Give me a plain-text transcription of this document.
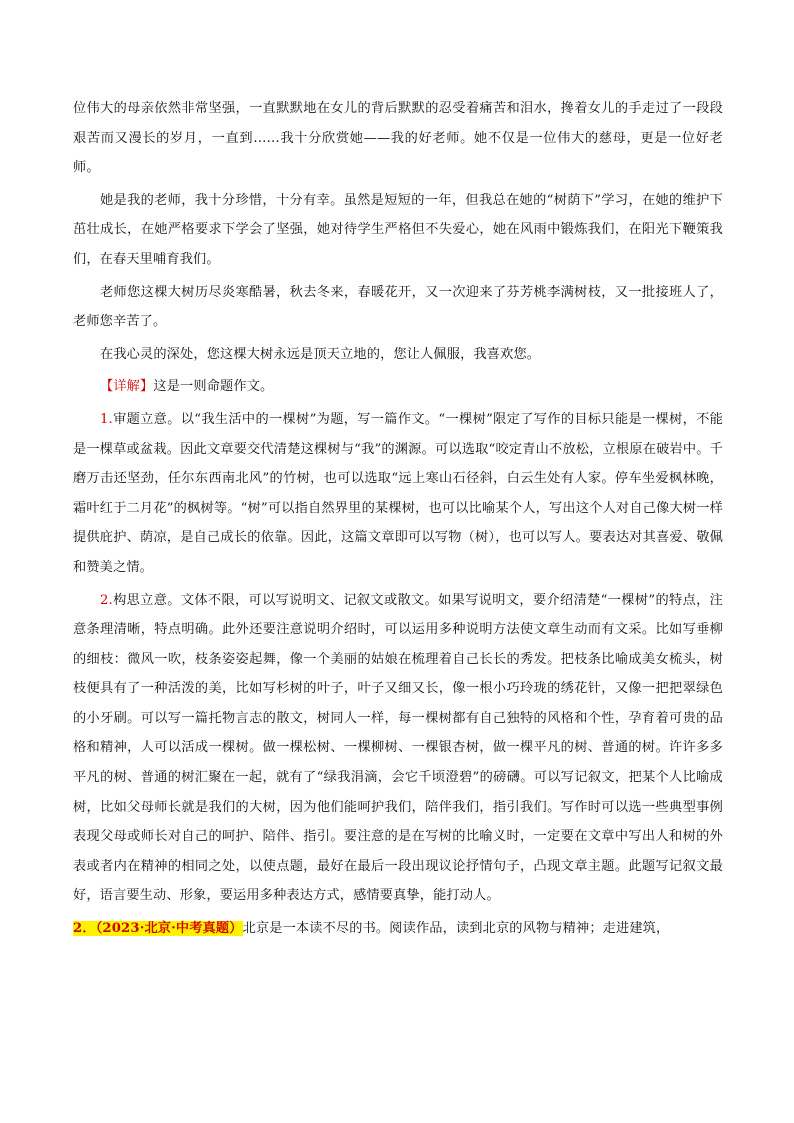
位伟大的母亲依然非常坚强，一直默默地在女儿的背后默默的忍受着痛苦和泪水，搀着女儿的手走过了一段段艰苦而又漫长的岁月，一直到……我十分欣赏她——我的好老师。她不仅是一位伟大的慈母，更是一位好老师。

她是我的老师，我十分珍惜，十分有幸。虽然是短短的一年，但我总在她的“树荫下”学习，在她的维护下茁壮成长，在她严格要求下学会了坚强，她对待学生严格但不失爱心，她在风雨中锻炼我们，在阳光下鞭策我们，在春天里哺育我们。

老师您这棵大树历尽炎寒酷暑，秋去冬来，春暖花开，又一次迎来了芬芳桃李满树枝，又一批接班人了，老师您辛苦了。

在我心灵的深处，您这棵大树永远是顶天立地的，您让人佩服，我喜欢您。

【详解】这是一则命题作文。

1.审题立意。以“我生活中的一棵树”为题，写一篇作文。“一棵树”限定了写作的目标只能是一棵树，不能是一棵草或盆栽。因此文章要交代清楚这棵树与“我”的渊源。可以选取“咬定青山不放松，立根原在破岩中。千磨万击还坚劲，任尔东西南北风”的竹树，也可以选取“远上寒山石径斜，白云生处有人家。停车坐爱枫林晚，霜叶红于二月花”的枫树等。“树”可以指自然界里的某棵树，也可以比喻某个人，写出这个人对自己像大树一样提供庇护、荫凉，是自己成长的依靠。因此，这篇文章即可以写物（树），也可以写人。要表达对其喜爱、敬佩和赞美之情。

2.构思立意。文体不限，可以写说明文、记叙文或散文。如果写说明文，要介绍清楚“一棵树”的特点，注意条理清晰，特点明确。此外还要注意说明介绍时，可以运用多种说明方法使文章生动而有文采。比如写垂柳的细枝：微风一吹，枝条姿姿起舞，像一个美丽的姑娘在梳理着自己长长的秀发。把枝条比喻成美女梳头，树枝便具有了一种活泼的美，比如写杉树的叶子，叶子又细又长，像一根小巧玲珑的绣花针，又像一把把翠绿色的小牙刷。可以写一篇托物言志的散文，树同人一样，每一棵树都有自己独特的风格和个性，孕育着可贵的品格和精神，人可以活成一棵树。做一棵松树、一棵柳树、一棵银杏树，做一棵平凡的树、普通的树。许许多多平凡的树、普通的树汇聚在一起，就有了“绿我涓滴，会它千顷澄碧”的磅礴。可以写记叙文，把某个人比喻成树，比如父母师长就是我们的大树，因为他们能呵护我们，陪伴我们，指引我们。写作时可以选一些典型事例表现父母或师长对自己的呵护、陪伴、指引。要注意的是在写树的比喻义时，一定要在文章中写出人和树的外表或者内在精神的相同之处，以使点题，最好在最后一段出现议论抒情句子，凸现文章主题。此题写记叙文最好，语言要生动、形象，要运用多种表达方式，感情要真挚，能打动人。

2．（2023·北京·中考真题）北京是一本读不尽的书。阅读作品，读到北京的风物与精神；走进建筑，
